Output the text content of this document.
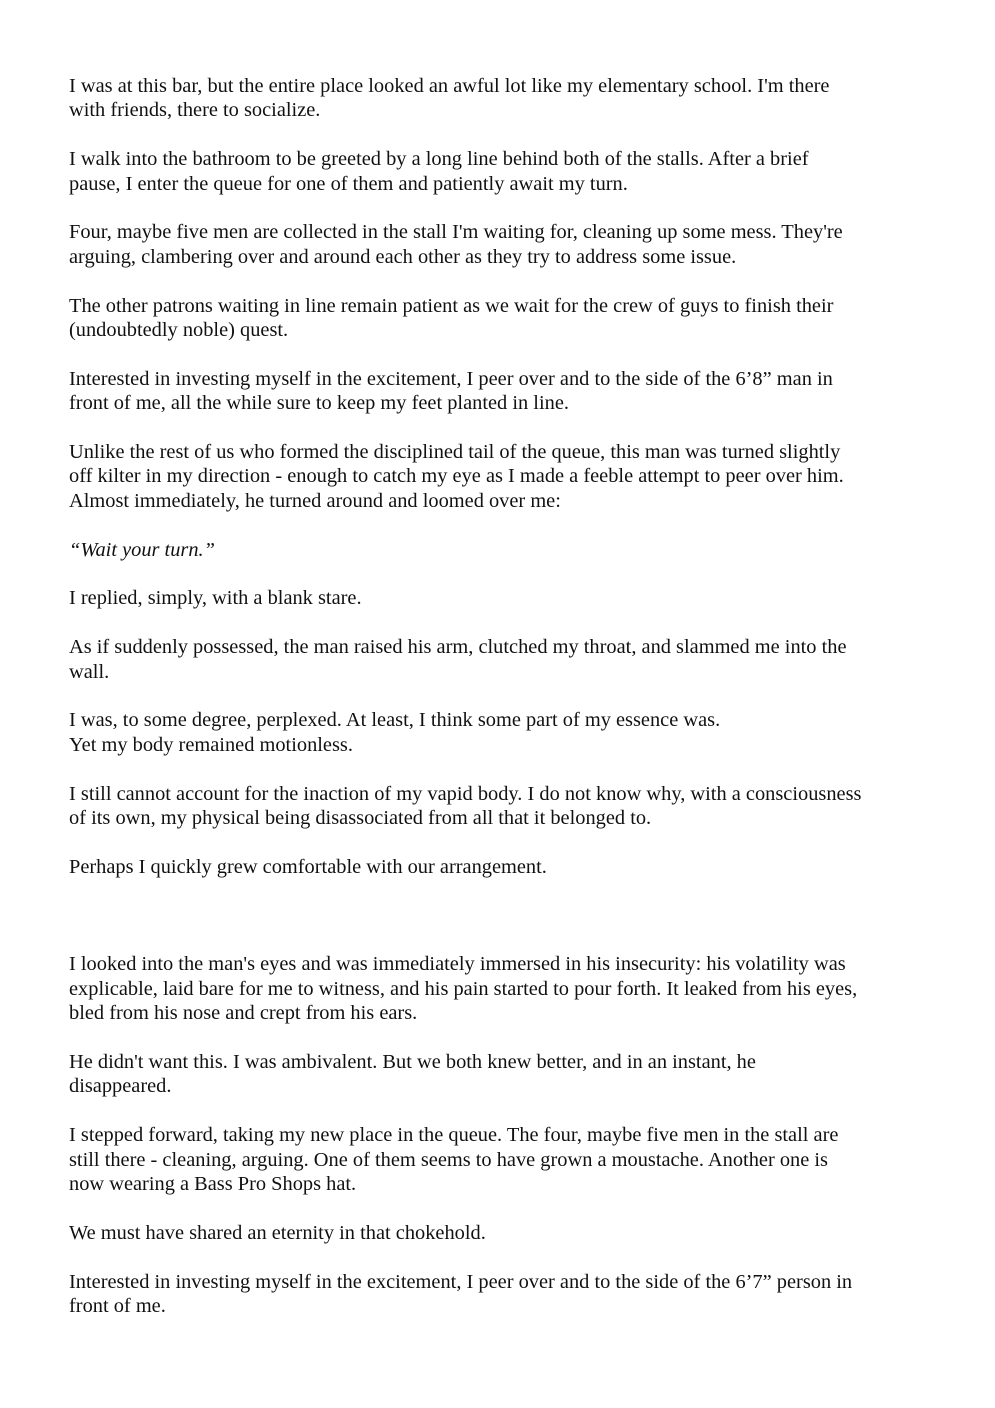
I was at this bar, but the entire place looked an awful lot like my elementary school. I'm there
with friends, there to socialize.

I walk into the bathroom to be greeted by a long line behind both of the stalls. After a brief
pause, I enter the queue for one of them and patiently await my turn.

Four, maybe five men are collected in the stall I'm waiting for, cleaning up some mess. They're
arguing, clambering over and around each other as they try to address some issue.

The other patrons waiting in line remain patient as we wait for the crew of guys to finish their
(undoubtedly noble) quest.

Interested in investing myself in the excitement, I peer over and to the side of the 6’8” man in
front of me, all the while sure to keep my feet planted in line.

Unlike the rest of us who formed the disciplined tail of the queue, this man was turned slightly
off kilter in my direction - enough to catch my eye as I made a feeble attempt to peer over him.
Almost immediately, he turned around and loomed over me:

“Wait your turn.”

I replied, simply, with a blank stare.

As if suddenly possessed, the man raised his arm, clutched my throat, and slammed me into the
wall.

I was, to some degree, perplexed. At least, I think some part of my essence was.
Yet my body remained motionless.

I still cannot account for the inaction of my vapid body. I do not know why, with a consciousness
of its own, my physical being disassociated from all that it belonged to.

Perhaps I quickly grew comfortable with our arrangement.

I looked into the man's eyes and was immediately immersed in his insecurity: his volatility was
explicable, laid bare for me to witness, and his pain started to pour forth. It leaked from his eyes,
bled from his nose and crept from his ears.

He didn't want this. I was ambivalent. But we both knew better, and in an instant, he
disappeared.

I stepped forward, taking my new place in the queue. The four, maybe five men in the stall are
still there - cleaning, arguing. One of them seems to have grown a moustache. Another one is
now wearing a Bass Pro Shops hat.

We must have shared an eternity in that chokehold.

Interested in investing myself in the excitement, I peer over and to the side of the 6’7” person in
front of me.
